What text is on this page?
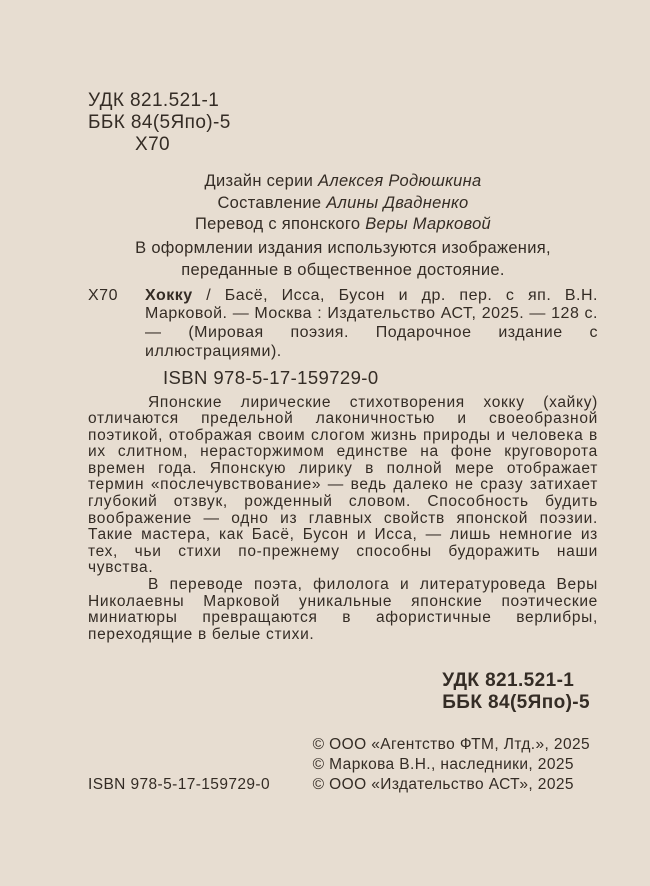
УДК 821.521-1
ББК 84(5Япо)-5
Х70
Дизайн серии Алексея Родюшкина
Составление Алины Двадненко
Перевод с японского Веры Марковой
В оформлении издания используются изображения, переданные в общественное достояние.
Х70 Хокку / Басё, Исса, Бусон и др. пер. с яп. В.Н. Марковой. — Москва : Издательство АСТ, 2025. — 128 с. — (Мировая поэзия. Подарочное издание с иллюстрациями).
ISBN 978-5-17-159729-0

Японские лирические стихотворения хокку (хайку) отличаются предельной лаконичностью и своеобразной поэтикой, отображая своим слогом жизнь природы и человека в их слитном, нерасторжимом единстве на фоне круговорота времен года. Японскую лирику в полной мере отображает термин «послечувствование» — ведь далеко не сразу затихает глубокий отзвук, рожденный словом. Способность будить воображение — одно из главных свойств японской поэзии. Такие мастера, как Басё, Бусон и Исса, — лишь немногие из тех, чьи стихи по-прежнему способны будоражить наши чувства.

В переводе поэта, филолога и литературоведа Веры Николаевны Марковой уникальные японские поэтические миниатюры превращаются в афористичные верлибры, переходящие в белые стихи.

УДК 821.521-1
ББК 84(5Япо)-5
ISBN 978-5-17-159729-0
© ООО «Агентство ФТМ, Лтд.», 2025
© Маркова В.Н., наследники, 2025
© ООО «Издательство АСТ», 2025
